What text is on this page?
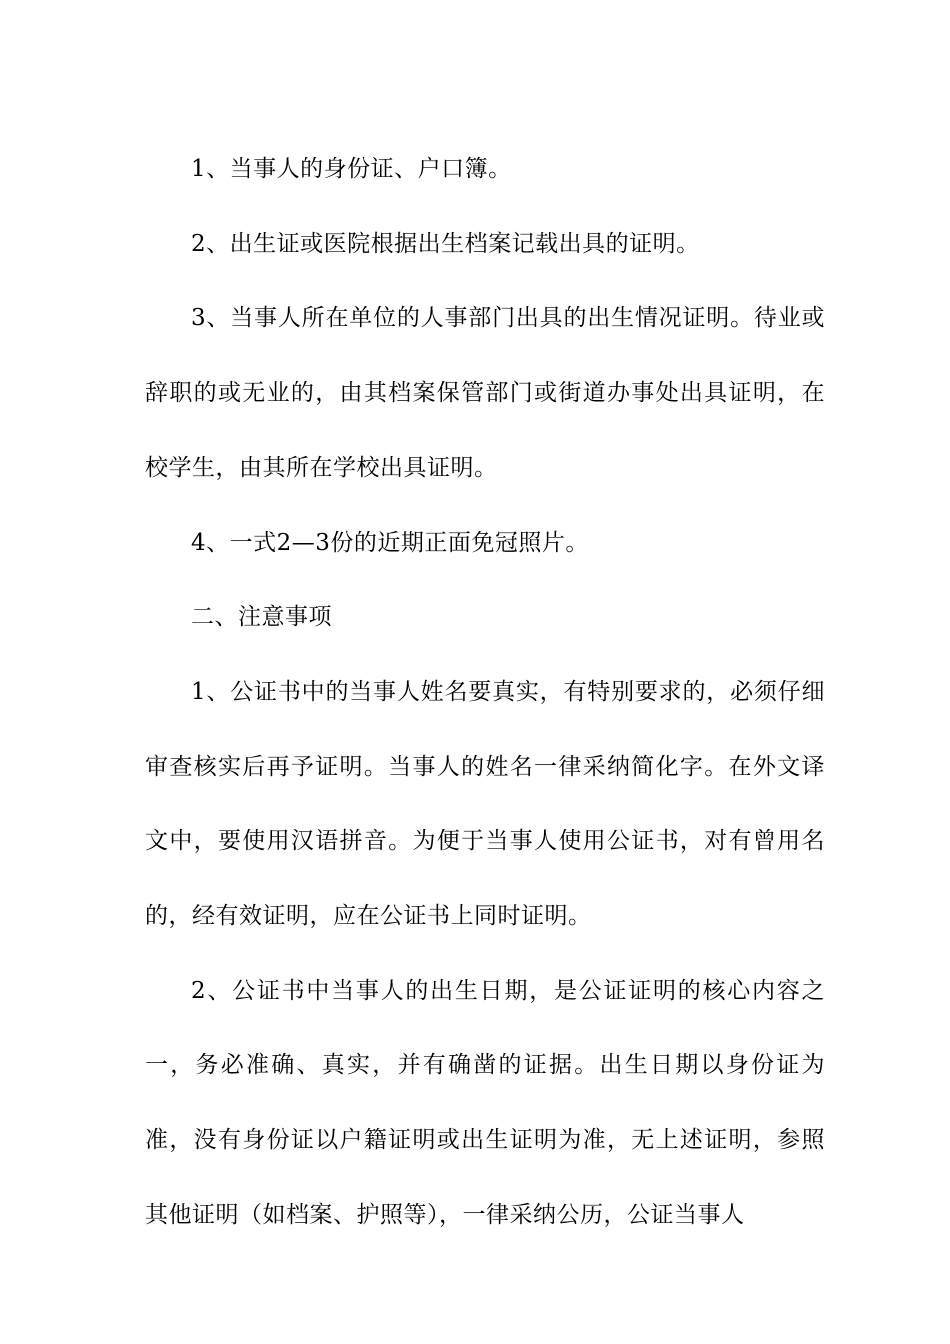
1、当事人的身份证、户口簿。

2、出生证或医院根据出生档案记载出具的证明。

3、当事人所在单位的人事部门出具的出生情况证明。待业或辞职的或无业的，由其档案保管部门或街道办事处出具证明，在校学生，由其所在学校出具证明。

4、一式2—3份的近期正面免冠照片。

二、注意事项

1、公证书中的当事人姓名要真实，有特别要求的，必须仔细审查核实后再予证明。当事人的姓名一律采纳简化字。在外文译文中，要使用汉语拼音。为便于当事人使用公证书，对有曾用名的，经有效证明，应在公证书上同时证明。

2、公证书中当事人的出生日期，是公证证明的核心内容之一，务必准确、真实，并有确凿的证据。出生日期以身份证为准，没有身份证以户籍证明或出生证明为准，无上述证明，参照其他证明（如档案、护照等），一律采纳公历，公证当事人
